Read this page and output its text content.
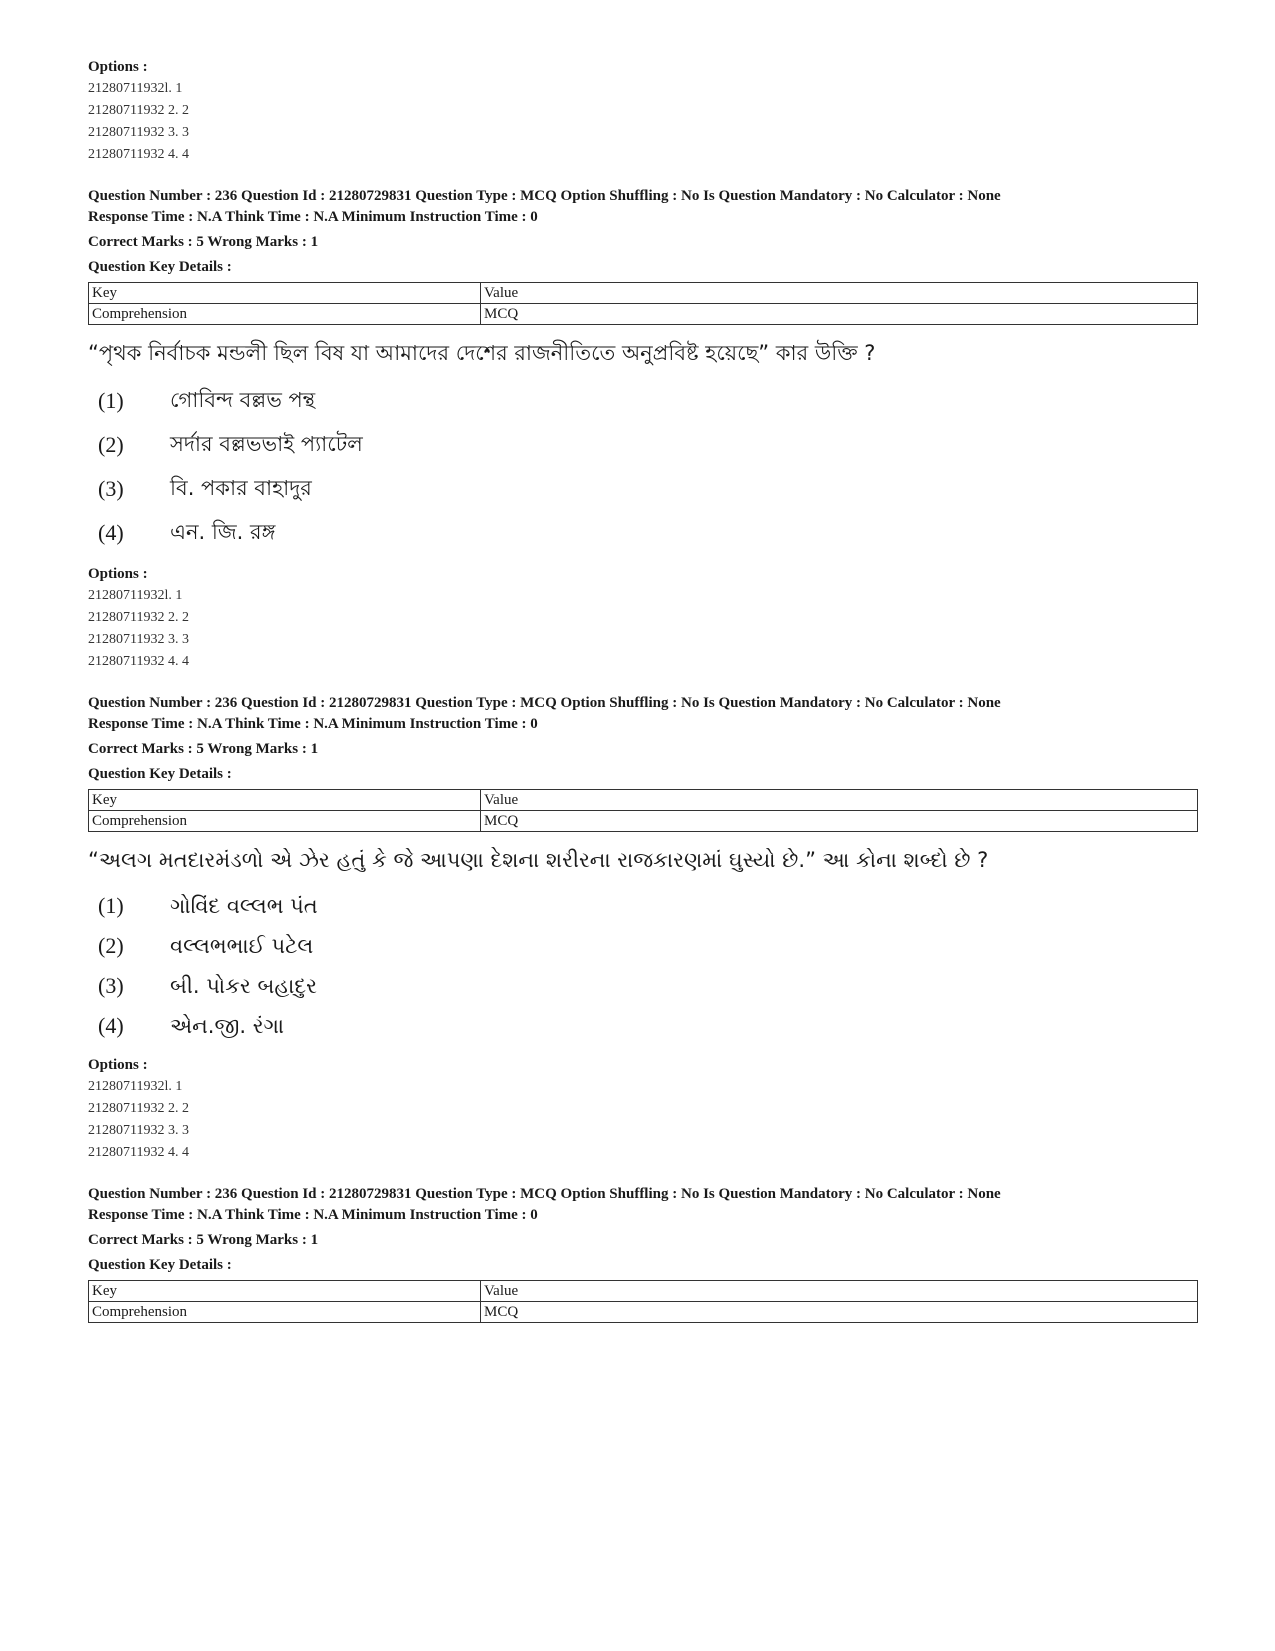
Options :

21280711932l. 1

21280711932 2. 2

21280711932 3. 3

21280711932 4. 4

Question Number : 236 Question Id : 21280729831 Question Type : MCQ Option Shuffling : No Is Question Mandatory : No Calculator : None
Response Time : N.A Think Time : N.A Minimum Instruction Time : 0
Correct Marks : 5 Wrong Marks : 1
Question Key Details :
Key	Value
Comprehension	MCQ
“পৃথক নির্বাচক মন্ডলী ছিল বিষ যা আমাদের দেশের রাজনীতিতে অনুপ্রবিষ্ট হয়েছে” কার উক্তি ?
(1)	গোবিন্দ বল্লভ পন্থ
(2)	সর্দার বল্লভভাই প্যাটেল
(3)	বি. পকার বাহাদুর
(4)	এন. জি. রঙ্গ

Options :

21280711932l. 1

21280711932 2. 2

21280711932 3. 3

21280711932 4. 4

Question Number : 236 Question Id : 21280729831 Question Type : MCQ Option Shuffling : No Is Question Mandatory : No Calculator : None
Response Time : N.A Think Time : N.A Minimum Instruction Time : 0
Correct Marks : 5 Wrong Marks : 1
Question Key Details :
Key	Value
Comprehension	MCQ
“અલગ મતદારમંડળો એ ઝેર હતું કે જે આપણા દેશના શરીરના રાજકારણમાં ઘુસ્યો છે.” આ કોના શબ્દો છે ?
(1)	ગોવિંદ વલ્લભ પંત
(2)	વલ્લભભાઈ પટેલ
(3)	બી. પોકર બહાદુર
(4)	એન.જી. રંગા

Options :

21280711932l. 1

21280711932 2. 2

21280711932 3. 3

21280711932 4. 4

Question Number : 236 Question Id : 21280729831 Question Type : MCQ Option Shuffling : No Is Question Mandatory : No Calculator : None
Response Time : N.A Think Time : N.A Minimum Instruction Time : 0
Correct Marks : 5 Wrong Marks : 1
Question Key Details :
Key	Value
Comprehension	MCQ
